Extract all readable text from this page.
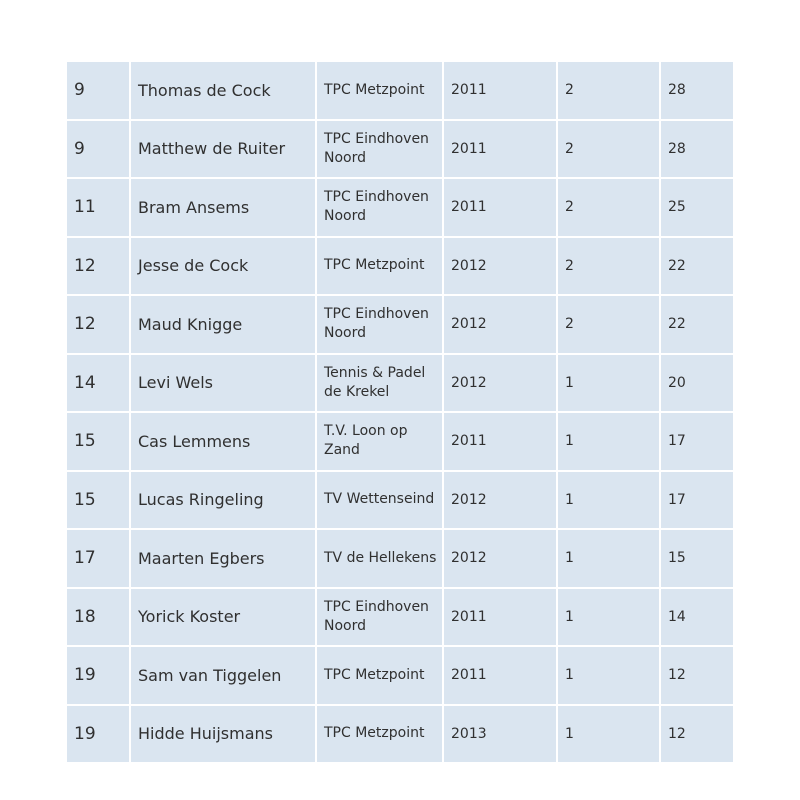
9	Thomas de Cock	TPC Metzpoint	2011	2	28
9	Matthew de Ruiter	TPC Eindhoven Noord	2011	2	28
11	Bram Ansems	TPC Eindhoven Noord	2011	2	25
12	Jesse de Cock	TPC Metzpoint	2012	2	22
12	Maud Knigge	TPC Eindhoven Noord	2012	2	22
14	Levi Wels	Tennis & Padel de Krekel	2012	1	20
15	Cas Lemmens	T.V. Loon op Zand	2011	1	17
15	Lucas Ringeling	TV Wettenseind	2012	1	17
17	Maarten Egbers	TV de Hellekens	2012	1	15
18	Yorick Koster	TPC Eindhoven Noord	2011	1	14
19	Sam van Tiggelen	TPC Metzpoint	2011	1	12
19	Hidde Huijsmans	TPC Metzpoint	2013	1	12
